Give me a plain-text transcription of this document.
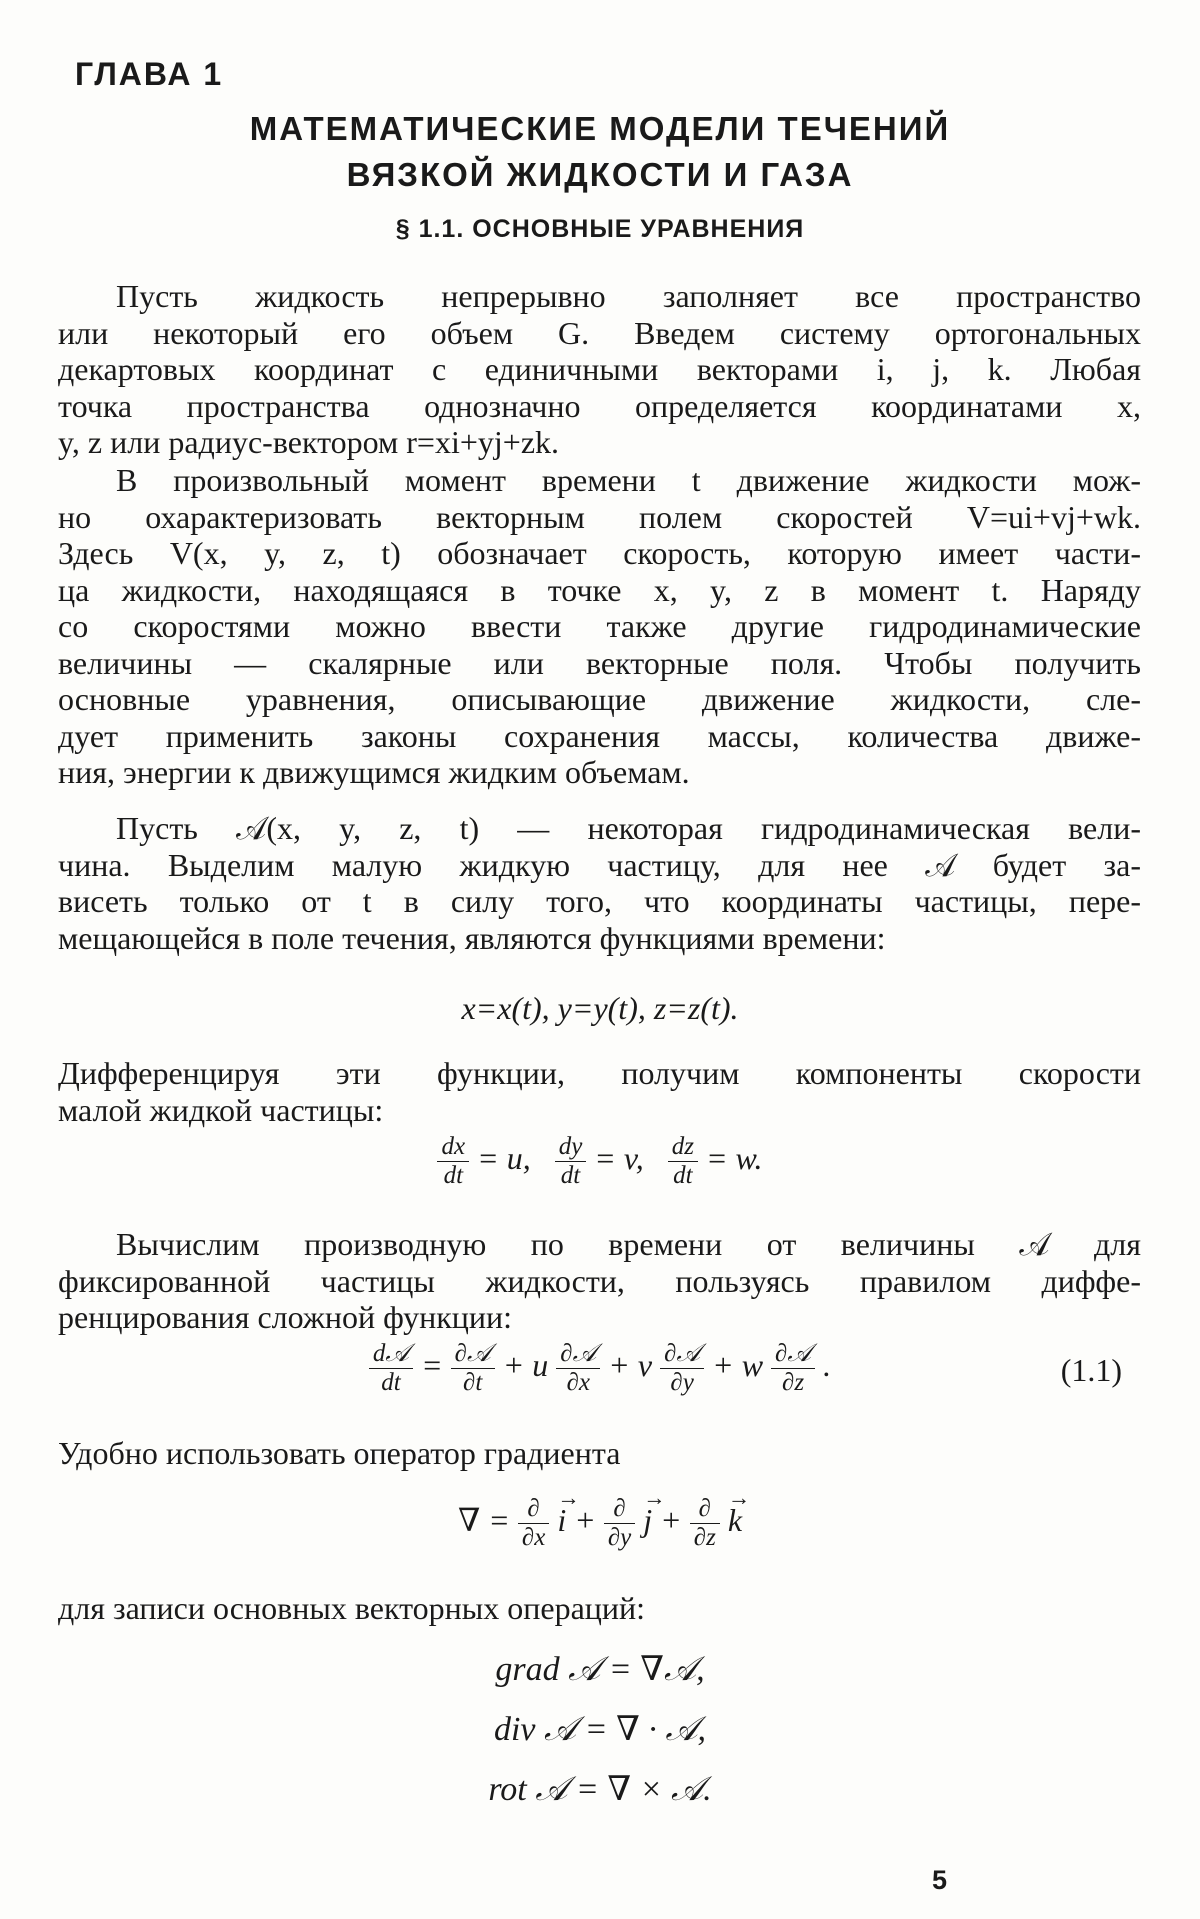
ГЛАВА 1
МАТЕМАТИЧЕСКИЕ МОДЕЛИ ТЕЧЕНИЙ
ВЯЗКОЙ ЖИДКОСТИ И ГАЗА
§ 1.1. ОСНОВНЫЕ УРАВНЕНИЯ
Пусть жидкость непрерывно заполняет все пространство
или некоторый его объем G. Введем систему ортогональных
декартовых координат с единичными векторами i, j, k. Любая
точка пространства однозначно определяется координатами x,
y, z или радиус-вектором r=xi+yj+zk.
В произвольный момент времени t движение жидкости мож-
но охарактеризовать векторным полем скоростей V=ui+vj+wk.
Здесь V(x, y, z, t) обозначает скорость, которую имеет части-
ца жидкости, находящаяся в точке x, y, z в момент t. Наряду
со скоростями можно ввести также другие гидродинамические
величины — скалярные или векторные поля. Чтобы получить
основные уравнения, описывающие движение жидкости, сле-
дует применить законы сохранения массы, количества движе-
ния, энергии к движущимся жидким объемам.
Пусть 𝒜(x, y, z, t) — некоторая гидродинамическая вели-
чина. Выделим малую жидкую частицу, для нее 𝒜 будет за-
висеть только от t в силу того, что координаты частицы, пере-
мещающейся в поле течения, являются функциями времени:
x=x(t), y=y(t), z=z(t).
Дифференцируя эти функции, получим компоненты скорости
малой жидкой частицы:
$\frac{dx}{dt} = u$, $\frac{dy}{dt} = v$, $\frac{dz}{dt} = w$.
Вычислим производную по времени от величины 𝒜 для
фиксированной частицы жидкости, пользуясь правилом диффе-
ренцирования сложной функции:
$\frac{\text{d𝒜}}{dt} = \frac{\text{∂𝒜}}{\partial t} + u \frac{\text{∂𝒜}}{\partial x} + v \frac{\text{∂𝒜}}{\partial y} + w \frac{\text{∂𝒜}}{\partial z}$ .	(1.1)
Удобно использовать оператор градиента
∇ = $\frac{\partial}{\partial x}$
→ $i + \frac{\partial}{\partial y}$
→ $j + \frac{\partial}{\partial z}$
→ k
для записи основных векторных операций:
grad 𝒜 = ∇𝒜,
div 𝒜 = ∇ · 𝒜,
rot 𝒜 = ∇ × 𝒜.
5
